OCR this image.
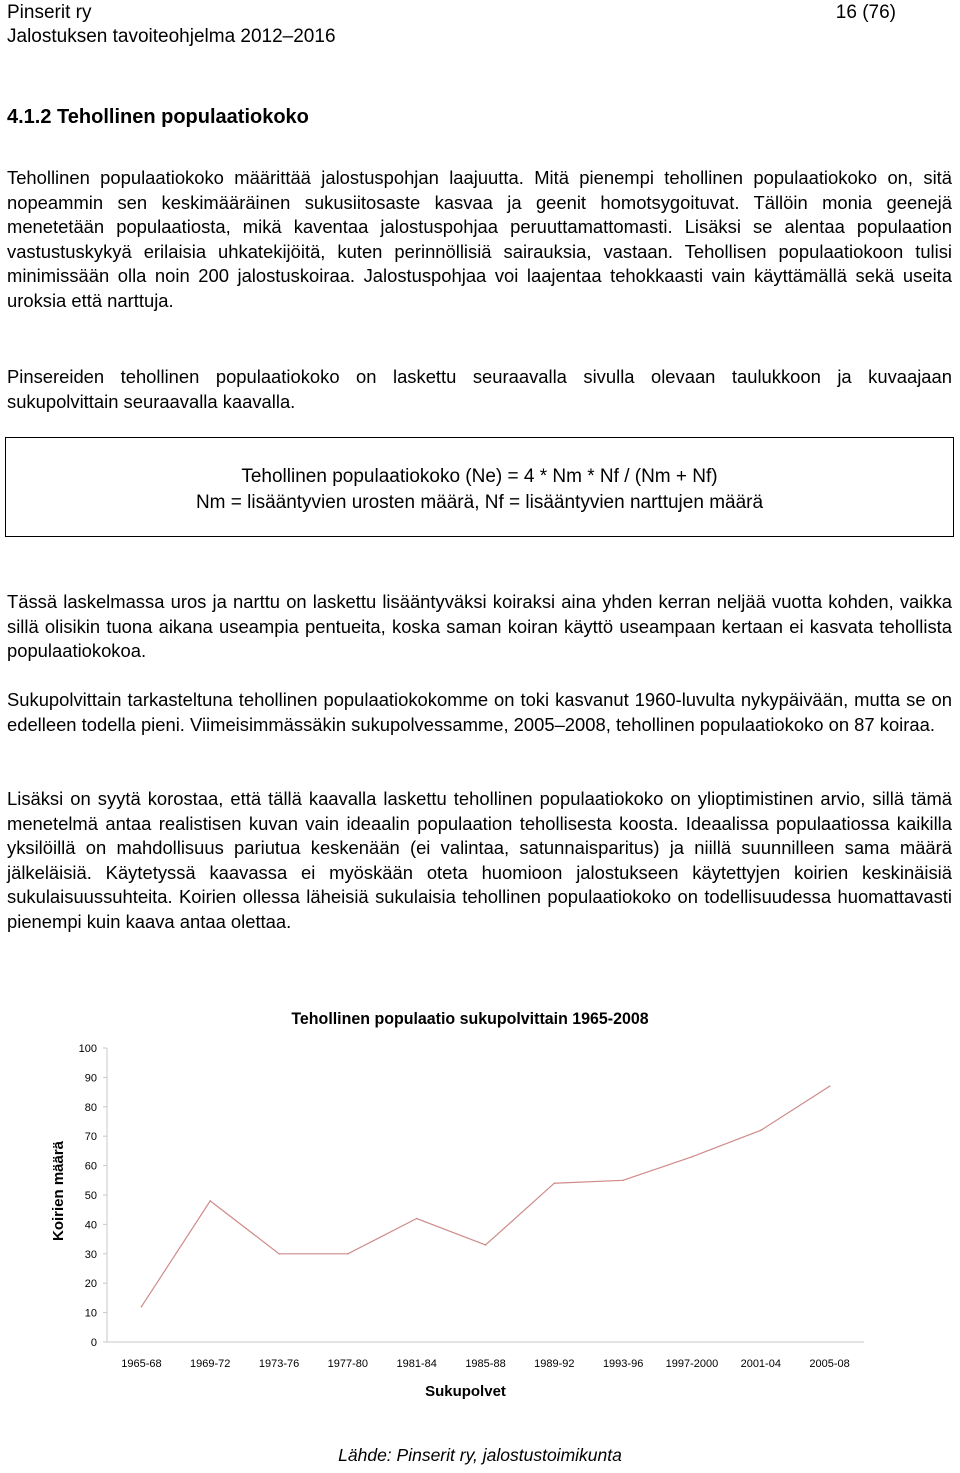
Pinserit ry
Jalostuksen tavoiteohjelma 2012–2016
16 (76)
4.1.2 Tehollinen populaatiokoko

Tehollinen populaatiokoko määrittää jalostuspohjan laajuutta. Mitä pienempi tehollinen populaatiokoko on, sitä nopeammin sen keskimääräinen sukusiitosaste kasvaa ja geenit homotsygoituvat. Tällöin monia geenejä menetetään populaatiosta, mikä kaventaa jalostuspohjaa peruuttamattomasti. Lisäksi se alentaa populaation vastustuskykyä erilaisia uhkatekijöitä, kuten perinnöllisiä sairauksia, vastaan. Tehollisen populaatiokoon tulisi minimissään olla noin 200 jalostuskoiraa. Jalostuspohjaa voi laajentaa tehokkaasti vain käyttämällä sekä useita uroksia että narttuja.

Pinsereiden tehollinen populaatiokoko on laskettu seuraavalla sivulla olevaan taulukkoon ja kuvaajaan sukupolvittain seuraavalla kaavalla.

Tehollinen populaatiokoko (Ne) = 4 * Nm * Nf / (Nm + Nf)
Nm = lisääntyvien urosten määrä, Nf = lisääntyvien narttujen määrä

Tässä laskelmassa uros ja narttu on laskettu lisääntyväksi koiraksi aina yhden kerran neljää vuotta kohden, vaikka sillä olisikin tuona aikana useampia pentueita, koska saman koiran käyttö useampaan kertaan ei kasvata tehollista populaatiokokoa.

Sukupolvittain tarkasteltuna tehollinen populaatiokokomme on toki kasvanut 1960-luvulta nykypäivään, mutta se on edelleen todella pieni. Viimeisimmässäkin sukupolvessamme, 2005–2008, tehollinen populaatiokoko on 87 koiraa.

Lisäksi on syytä korostaa, että tällä kaavalla laskettu tehollinen populaatiokoko on ylioptimistinen arvio, sillä tämä menetelmä antaa realistisen kuvan vain ideaalin populaation tehollisesta koosta. Ideaalissa populaatiossa kaikilla yksilöillä on mahdollisuus pariutua keskenään (ei valintaa, satunnaisparitus) ja niillä suunnilleen sama määrä jälkeläisiä. Käytetyssä kaavassa ei myöskään oteta huomioon jalostukseen käytettyjen koirien keskinäisiä sukulaisuussuhteita. Koirien ollessa läheisiä sukulaisia tehollinen populaatiokoko on todellisuudessa huomattavasti pienempi kuin kaava antaa olettaa.

Tehollinen populaatio sukupolvittain 1965-2008
0
10
20
30
40
50
60
70
80
90
100
1965-68	1969-72	1973-76	1977-80	1981-84	1985-88	1989-92	1993-96 1997-2000 2001-04	2005-08
Sukupolvet
Koirien määrä
Lähde: Pinserit ry, jalostustoimikunta
